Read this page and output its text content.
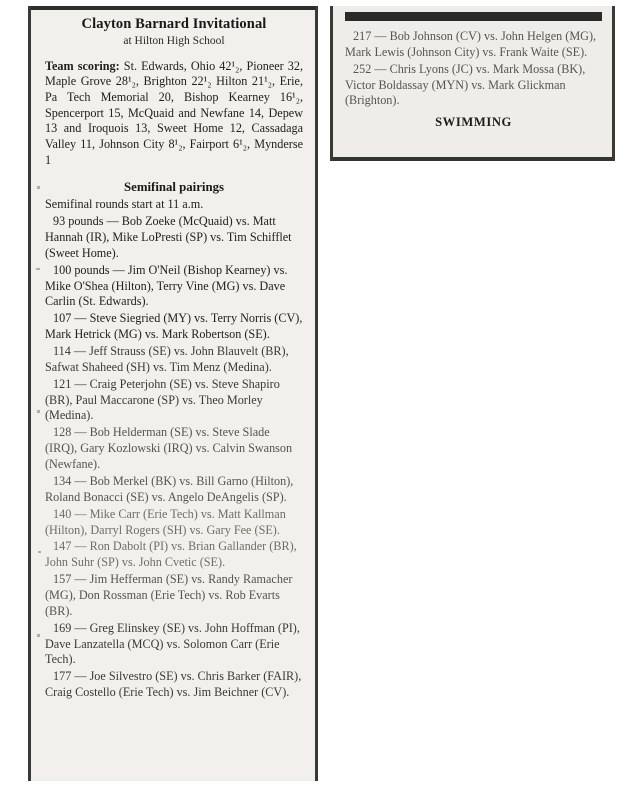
Clayton Barnard Invitational
at Hilton High School

Team scoring: St. Edwards, Ohio 42¹₂, Pioneer 32, Maple Grove 28¹₂, Brighton 22¹₂ Hilton 21¹₂, Erie, Pa Tech Memorial 20, Bishop Kearney 16¹₂, Spencerport 15, McQuaid and Newfane 14, Depew 13 and Iroquois 13, Sweet Home 12, Cassadaga Valley 11, Johnson City 8¹₂, Fairport 6¹₂, Mynderse 1

Semifinal pairings

Semifinal rounds start at 11 a.m.

93 pounds — Bob Zoeke (McQuaid) vs. Matt Hannah (IR), Mike LoPresti (SP) vs. Tim Schifflet (Sweet Home).

100 pounds — Jim O'Neil (Bishop Kearney) vs. Mike O'Shea (Hilton), Terry Vine (MG) vs. Dave Carlin (St. Edwards).

107 — Steve Siegried (MY) vs. Terry Norris (CV), Mark Hetrick (MG) vs. Mark Robertson (SE).

114 — Jeff Strauss (SE) vs. John Blauvelt (BR), Safwat Shaheed (SH) vs. Tim Menz (Medina).

121 — Craig Peterjohn (SE) vs. Steve Shapiro (BR), Paul Maccarone (SP) vs. Theo Morley (Medina).

128 — Bob Helderman (SE) vs. Steve Slade (IRQ), Gary Kozlowski (IRQ) vs. Calvin Swanson (Newfane).

134 — Bob Merkel (BK) vs. Bill Garno (Hilton), Roland Bonacci (SE) vs. Angelo DeAngelis (SP).

140 — Mike Carr (Erie Tech) vs. Matt Kallman (Hilton), Darryl Rogers (SH) vs. Gary Fee (SE).

147 — Ron Dabolt (PI) vs. Brian Gallander (BR), John Suhr (SP) vs. John Cvetic (SE).

157 — Jim Hefferman (SE) vs. Randy Ramacher (MG), Don Rossman (Erie Tech) vs. Rob Evarts (BR).

169 — Greg Elinskey (SE) vs. John Hoffman (PI), Dave Lanzatella (MCQ) vs. Solomon Carr (Erie Tech).

177 — Joe Silvestro (SE) vs. Chris Barker (FAIR), Craig Costello (Erie Tech) vs. Jim Beichner (CV).

217 — Bob Johnson (CV) vs. John Helgen (MG), Mark Lewis (Johnson City) vs. Frank Waite (SE).

252 — Chris Lyons (JC) vs. Mark Mossa (BK), Victor Boldassay (MYN) vs. Mark Glickman (Brighton).

SWIMMING
